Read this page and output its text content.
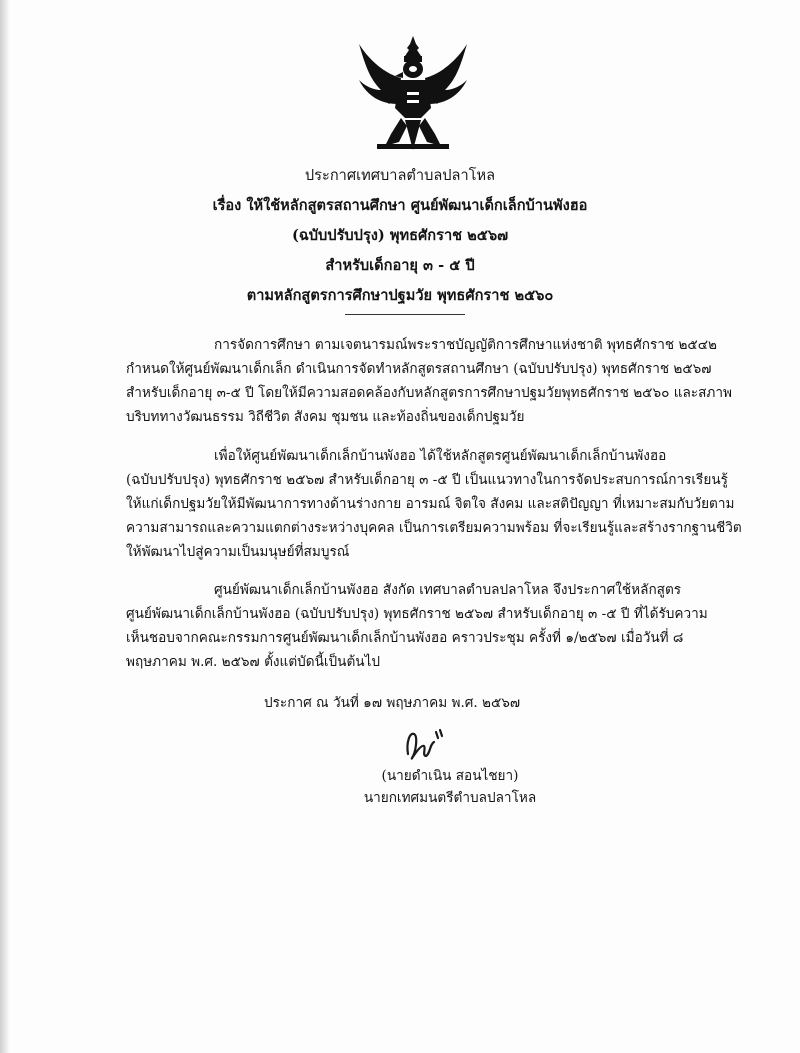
ประกาศเทศบาลตำบลปลาโหล
เรื่อง ให้ใช้หลักสูตรสถานศึกษา ศูนย์พัฒนาเด็กเล็กบ้านพังฮอ
(ฉบับปรับปรุง) พุทธศักราช ๒๕๖๗
สำหรับเด็กอายุ ๓ - ๕ ปี
ตามหลักสูตรการศึกษาปฐมวัย พุทธศักราช ๒๕๖๐
การจัดการศึกษา ตามเจตนารมณ์พระราชบัญญัติการศึกษาแห่งชาติ พุทธศักราช ๒๕๔๒
กำหนดให้ศูนย์พัฒนาเด็กเล็ก ดำเนินการจัดทำหลักสูตรสถานศึกษา (ฉบับปรับปรุง) พุทธศักราช ๒๕๖๗
สำหรับเด็กอายุ ๓-๕ ปี โดยให้มีความสอดคล้องกับหลักสูตรการศึกษาปฐมวัยพุทธศักราช ๒๕๖๐ และสภาพ
บริบททางวัฒนธรรม วิถีชีวิต สังคม ชุมชน และท้องถิ่นของเด็กปฐมวัย
เพื่อให้ศูนย์พัฒนาเด็กเล็กบ้านพังฮอ ได้ใช้หลักสูตรศูนย์พัฒนาเด็กเล็กบ้านพังฮอ
(ฉบับปรับปรุง) พุทธศักราช ๒๕๖๗ สำหรับเด็กอายุ ๓ -๕ ปี เป็นแนวทางในการจัดประสบการณ์การเรียนรู้
ให้แก่เด็กปฐมวัยให้มีพัฒนาการทางด้านร่างกาย อารมณ์ จิตใจ สังคม และสติปัญญา ที่เหมาะสมกับวัยตาม
ความสามารถและความแตกต่างระหว่างบุคคล เป็นการเตรียมความพร้อม ที่จะเรียนรู้และสร้างรากฐานชีวิต
ให้พัฒนาไปสู่ความเป็นมนุษย์ที่สมบูรณ์
ศูนย์พัฒนาเด็กเล็กบ้านพังฮอ สังกัด เทศบาลตำบลปลาโหล จึงประกาศใช้หลักสูตร
ศูนย์พัฒนาเด็กเล็กบ้านพังฮอ (ฉบับปรับปรุง) พุทธศักราช ๒๕๖๗ สำหรับเด็กอายุ ๓ -๕ ปี ที่ได้รับความ
เห็นชอบจากคณะกรรมการศูนย์พัฒนาเด็กเล็กบ้านพังฮอ คราวประชุม ครั้งที่ ๑/๒๕๖๗ เมื่อวันที่ ๘
พฤษภาคม พ.ศ. ๒๕๖๗ ตั้งแต่บัดนี้เป็นต้นไป
ประกาศ ณ วันที่ ๑๗ พฤษภาคม พ.ศ. ๒๕๖๗
(นายดำเนิน สอนไชยา)
นายกเทศมนตรีตำบลปลาโหล
